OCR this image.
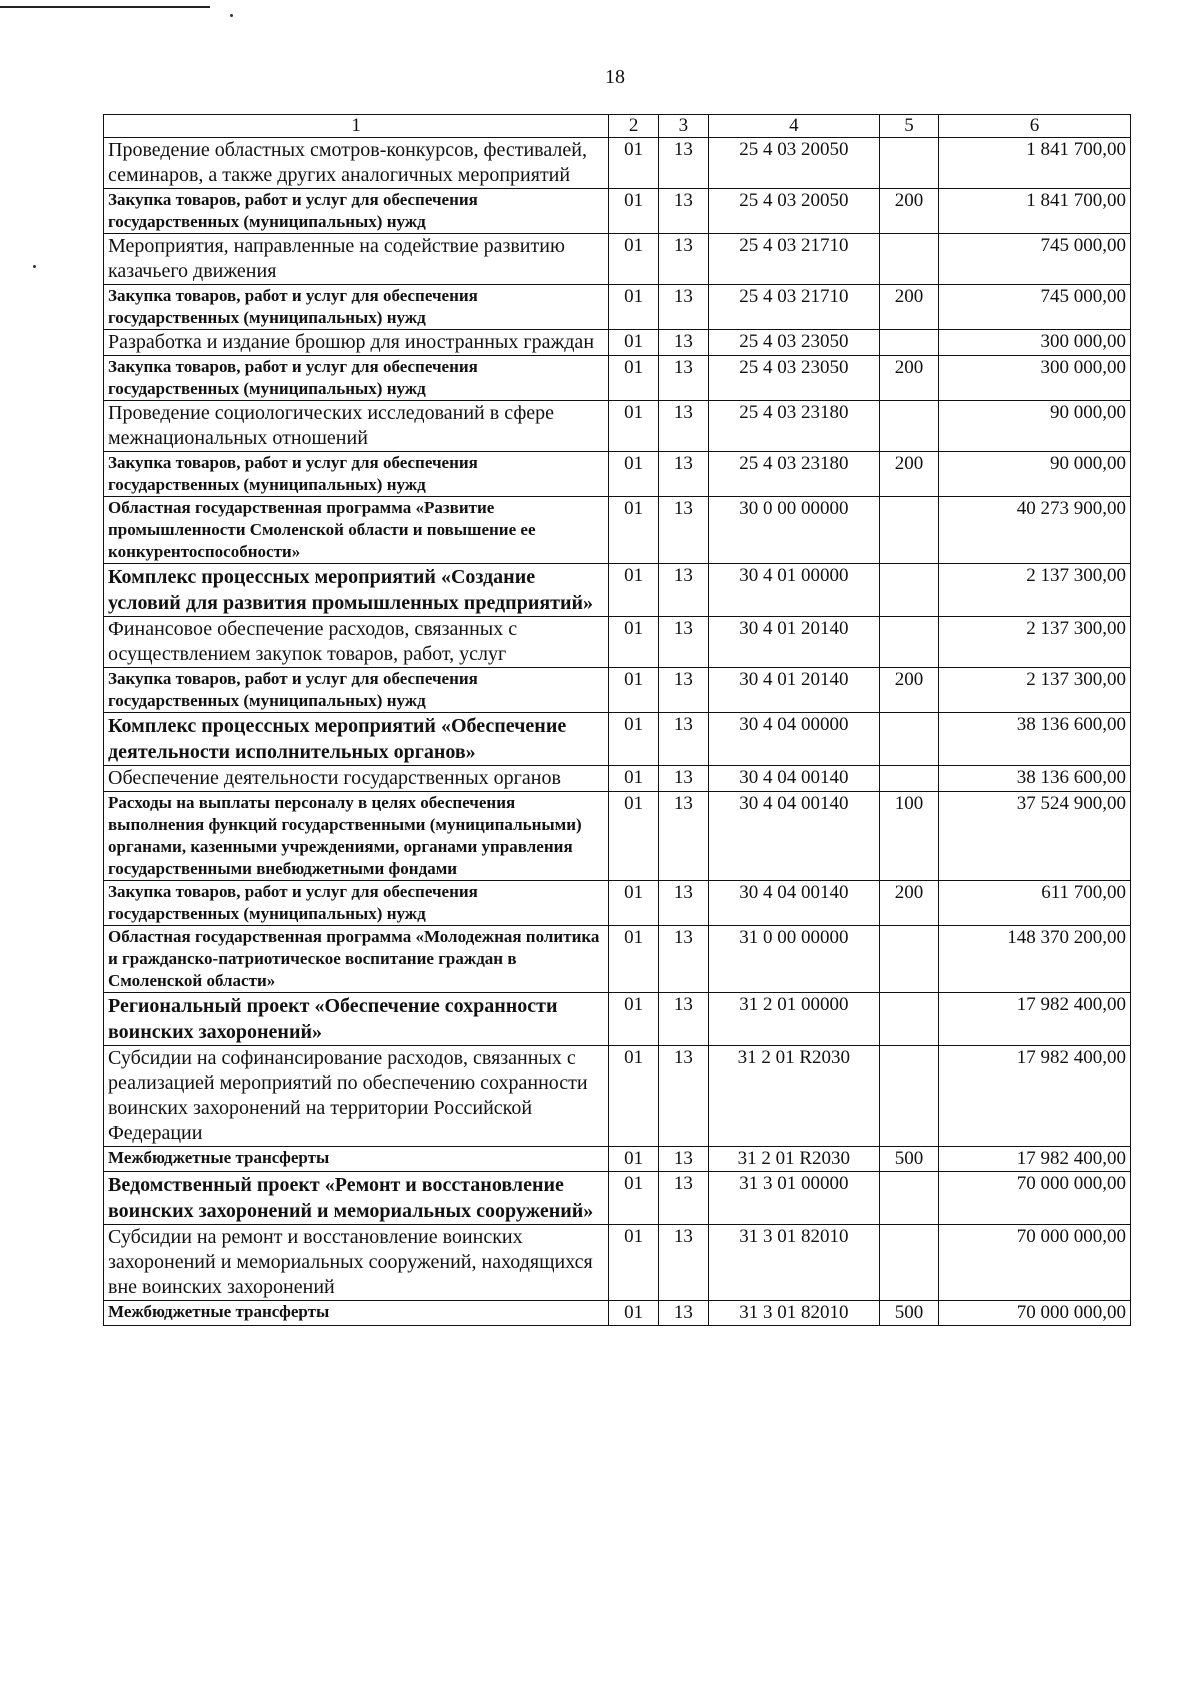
18
1	2	3	4	5	6
Проведение областных смотров-конкурсов, фестивалей, семинаров, а также других аналогичных мероприятий	01	13	25 4 03 20050		1 841 700,00
Закупка товаров, работ и услуг для обеспечения государственных (муниципальных) нужд	01	13	25 4 03 20050	200	1 841 700,00
Мероприятия, направленные на содействие развитию казачьего движения	01	13	25 4 03 21710		745 000,00
Закупка товаров, работ и услуг для обеспечения государственных (муниципальных) нужд	01	13	25 4 03 21710	200	745 000,00
Разработка и издание брошюр для иностранных граждан	01	13	25 4 03 23050		300 000,00
Закупка товаров, работ и услуг для обеспечения государственных (муниципальных) нужд	01	13	25 4 03 23050	200	300 000,00
Проведение социологических исследований в сфере межнациональных отношений	01	13	25 4 03 23180		90 000,00
Закупка товаров, работ и услуг для обеспечения государственных (муниципальных) нужд	01	13	25 4 03 23180	200	90 000,00
Областная государственная программа «Развитие промышленности Смоленской области и повышение ее конкурентоспособности»	01	13	30 0 00 00000		40 273 900,00
Комплекс процессных мероприятий «Создание условий для развития промышленных предприятий»	01	13	30 4 01 00000		2 137 300,00
Финансовое обеспечение расходов, связанных с осуществлением закупок товаров, работ, услуг	01	13	30 4 01 20140		2 137 300,00
Закупка товаров, работ и услуг для обеспечения государственных (муниципальных) нужд	01	13	30 4 01 20140	200	2 137 300,00
Комплекс процессных мероприятий «Обеспечение деятельности исполнительных органов»	01	13	30 4 04 00000		38 136 600,00
Обеспечение деятельности государственных органов	01	13	30 4 04 00140		38 136 600,00
Расходы на выплаты персоналу в целях обеспечения выполнения функций государственными (муниципальными) органами, казенными учреждениями, органами управления государственными внебюджетными фондами	01	13	30 4 04 00140	100	37 524 900,00
Закупка товаров, работ и услуг для обеспечения государственных (муниципальных) нужд	01	13	30 4 04 00140	200	611 700,00
Областная государственная программа «Молодежная политика и гражданско-патриотическое воспитание граждан в Смоленской области»	01	13	31 0 00 00000		148 370 200,00
Региональный проект «Обеспечение сохранности воинских захоронений»	01	13	31 2 01 00000		17 982 400,00
Субсидии на софинансирование расходов, связанных с реализацией мероприятий по обеспечению сохранности воинских захоронений на территории Российской Федерации	01	13	31 2 01 R2030		17 982 400,00
Межбюджетные трансферты	01	13	31 2 01 R2030	500	17 982 400,00
Ведомственный проект «Ремонт и восстановление воинских захоронений и мемориальных сооружений»	01	13	31 3 01 00000		70 000 000,00
Субсидии на ремонт и восстановление воинских захоронений и мемориальных сооружений, находящихся вне воинских захоронений	01	13	31 3 01 82010		70 000 000,00
Межбюджетные трансферты	01	13	31 3 01 82010	500	70 000 000,00
